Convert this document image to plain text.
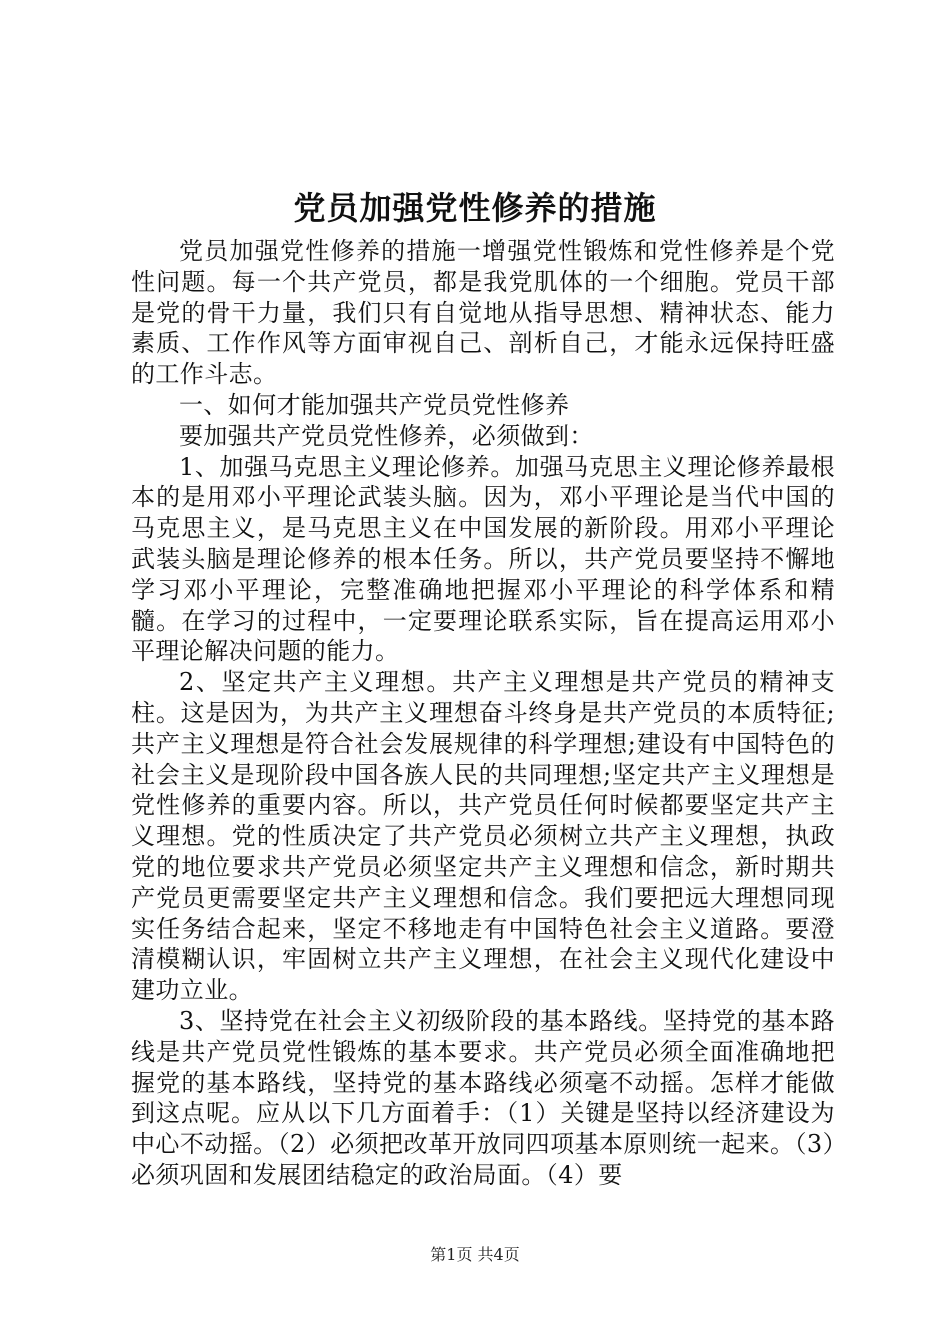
党员加强党性修养的措施

党员加强党性修养的措施一增强党性锻炼和党性修养是个党性问题。每一个共产党员，都是我党肌体的一个细胞。党员干部是党的骨干力量，我们只有自觉地从指导思想、精神状态、能力素质、工作作风等方面审视自己、剖析自己，才能永远保持旺盛的工作斗志。

一、如何才能加强共产党员党性修养

要加强共产党员党性修养，必须做到：

1、加强马克思主义理论修养。加强马克思主义理论修养最根本的是用邓小平理论武装头脑。因为，邓小平理论是当代中国的马克思主义，是马克思主义在中国发展的新阶段。用邓小平理论武装头脑是理论修养的根本任务。所以，共产党员要坚持不懈地学习邓小平理论，完整准确地把握邓小平理论的科学体系和精髓。在学习的过程中，一定要理论联系实际，旨在提高运用邓小平理论解决问题的能力。

2、坚定共产主义理想。共产主义理想是共产党员的精神支柱。这是因为，为共产主义理想奋斗终身是共产党员的本质特征;共产主义理想是符合社会发展规律的科学理想;建设有中国特色的社会主义是现阶段中国各族人民的共同理想;坚定共产主义理想是党性修养的重要内容。所以，共产党员任何时候都要坚定共产主义理想。党的性质决定了共产党员必须树立共产主义理想，执政党的地位要求共产党员必须坚定共产主义理想和信念，新时期共产党员更需要坚定共产主义理想和信念。我们要把远大理想同现实任务结合起来，坚定不移地走有中国特色社会主义道路。要澄清模糊认识，牢固树立共产主义理想，在社会主义现代化建设中建功立业。

3、坚持党在社会主义初级阶段的基本路线。坚持党的基本路线是共产党员党性锻炼的基本要求。共产党员必须全面准确地把握党的基本路线，坚持党的基本路线必须毫不动摇。怎样才能做到这点呢。应从以下几方面着手：（1）关键是坚持以经济建设为中心不动摇。（2）必须把改革开放同四项基本原则统一起来。（3）必须巩固和发展团结稳定的政治局面。（4）要

第1页 共4页
